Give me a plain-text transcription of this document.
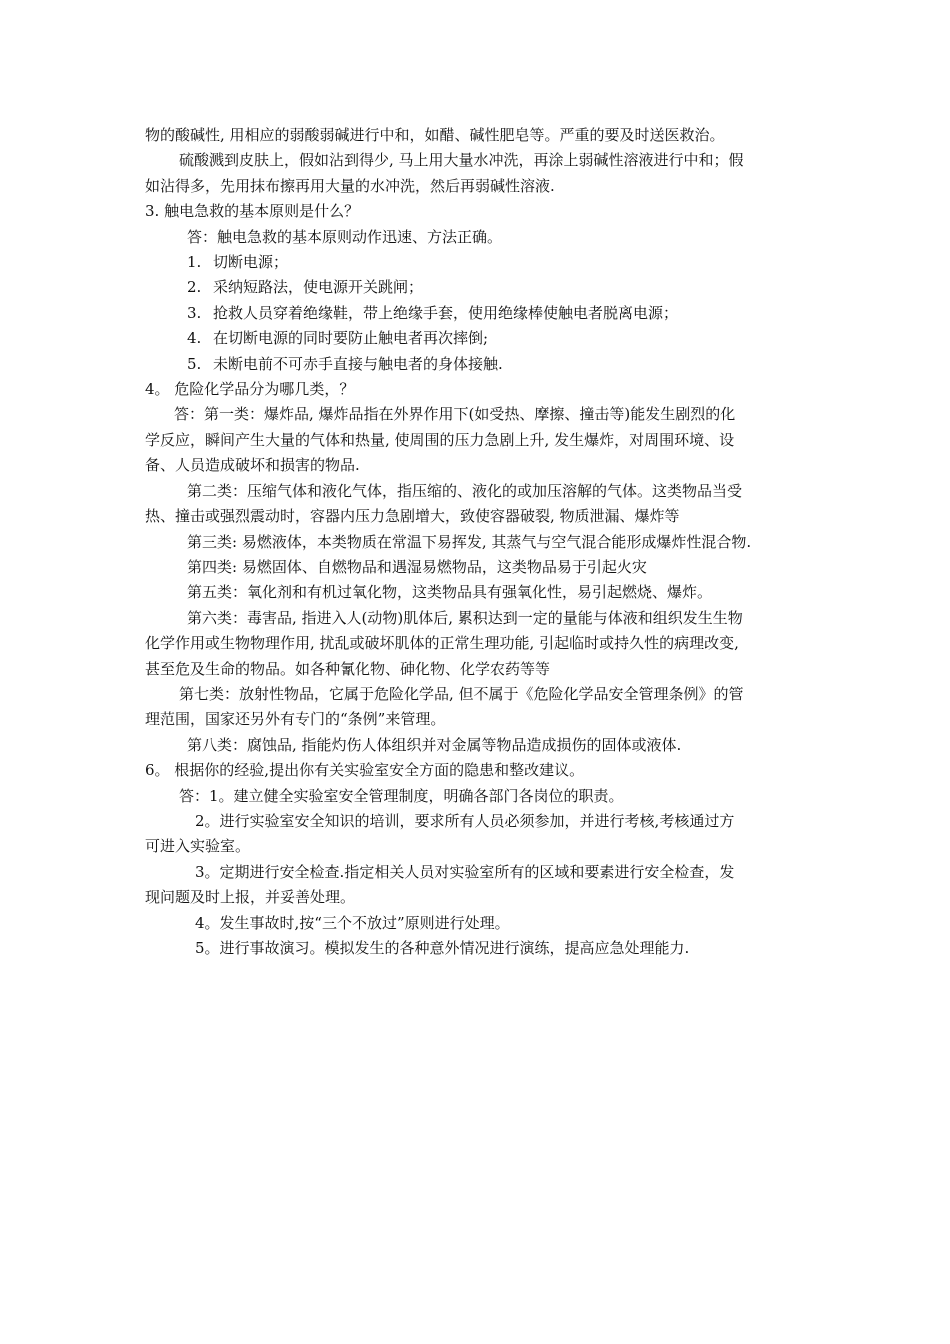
物的酸碱性, 用相应的弱酸弱碱进行中和，如醋、碱性肥皂等。严重的要及时送医救治。
硫酸溅到皮肤上，假如沾到得少, 马上用大量水冲洗，再涂上弱碱性溶液进行中和；假
如沾得多，先用抹布擦再用大量的水冲洗，然后再弱碱性溶液.
3. 触电急救的基本原则是什么？
答：触电急救的基本原则动作迅速、方法正确。
1. 切断电源；
2. 采纳短路法，使电源开关跳闸；
3. 抢救人员穿着绝缘鞋，带上绝缘手套，使用绝缘棒使触电者脱离电源；
4. 在切断电源的同时要防止触电者再次摔倒;
5. 未断电前不可赤手直接与触电者的身体接触.
4。 危险化学品分为哪几类，？
答：第一类：爆炸品, 爆炸品指在外界作用下(如受热、摩擦、撞击等)能发生剧烈的化
学反应，瞬间产生大量的气体和热量, 使周围的压力急剧上升, 发生爆炸，对周围环境、设
备、人员造成破坏和损害的物品.
第二类：压缩气体和液化气体，指压缩的、液化的或加压溶解的气体。这类物品当受
热、撞击或强烈震动时，容器内压力急剧增大，致使容器破裂, 物质泄漏、爆炸等
第三类: 易燃液体，本类物质在常温下易挥发, 其蒸气与空气混合能形成爆炸性混合物.
第四类: 易燃固体、自燃物品和遇湿易燃物品，这类物品易于引起火灾
第五类：氧化剂和有机过氧化物，这类物品具有强氧化性，易引起燃烧、爆炸。
第六类：毒害品, 指进入人(动物)肌体后, 累积达到一定的量能与体液和组织发生生物
化学作用或生物物理作用, 扰乱或破坏肌体的正常生理功能, 引起临时或持久性的病理改变,
甚至危及生命的物品。如各种氰化物、砷化物、化学农药等等
第七类：放射性物品，它属于危险化学品, 但不属于《危险化学品安全管理条例》的管
理范围，国家还另外有专门的“条例”来管理。
第八类：腐蚀品, 指能灼伤人体组织并对金属等物品造成损伤的固体或液体.
6。 根据你的经验,提出你有关实验室安全方面的隐患和整改建议。
答：1。建立健全实验室安全管理制度，明确各部门各岗位的职责。
2。进行实验室安全知识的培训，要求所有人员必须参加，并进行考核,考核通过方
可进入实验室。
3。定期进行安全检查.指定相关人员对实验室所有的区域和要素进行安全检查，发
现问题及时上报，并妥善处理。
4。发生事故时,按“三个不放过”原则进行处理。
5。进行事故演习。模拟发生的各种意外情况进行演练，提高应急处理能力.
